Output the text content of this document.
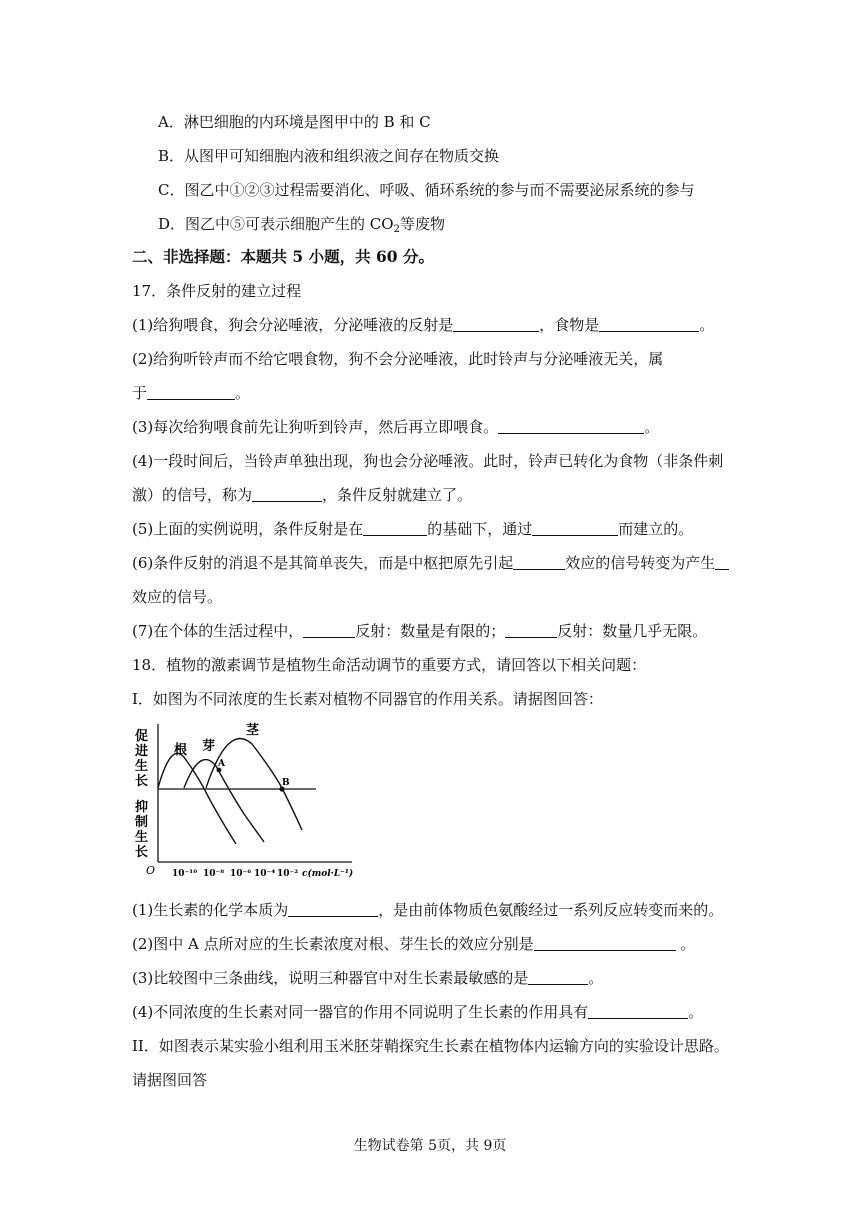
A．淋巴细胞的内环境是图甲中的 B 和 C
B．从图甲可知细胞内液和组织液之间存在物质交换
C．图乙中①②③过程需要消化、呼吸、循环系统的参与而不需要泌尿系统的参与
D．图乙中⑤可表示细胞产生的 $CO_2$等废物
二、非选择题：本题共 5 小题，共 60 分。
17．条件反射的建立过程
(1)给狗喂食，狗会分泌唾液，分泌唾液的反射是	，食物是	。
(2)给狗听铃声而不给它喂食物，狗不会分泌唾液，此时铃声与分泌唾液无关，属
于	。
(3)每次给狗喂食前先让狗听到铃声，然后再立即喂食。	。
(4)一段时间后，当铃声单独出现，狗也会分泌唾液。此时，铃声已转化为食物（非条件刺
激）的信号，称为	，条件反射就建立了。
(5)上面的实例说明，条件反射是在	的基础下，通过	而建立的。
(6)条件反射的消退不是其简单丧失，而是中枢把原先引起	效应的信号转变为产生
效应的信号。
(7)在个体的生活过程中，	反射：数量是有限的；	反射：数量几乎无限。
18．植物的激素调节是植物生命活动调节的重要方式，请回答以下相关问题：
I．如图为不同浓度的生长素对植物不同器官的作用关系。请据图回答：
促
进
生
长
抑
制
生
长
O 10⁻¹⁰ 10⁻⁸ 10⁻⁶ 10⁻⁴ 10⁻² c(mol·L⁻¹)
根 芽
茎
A
B
(1)生长素的化学本质为	，是由前体物质色氨酸经过一系列反应转变而来的。
(2)图中 A 点所对应的生长素浓度对根、芽生长的效应分别是	。
(3)比较图中三条曲线，说明三种器官中对生长素最敏感的是	。
(4)不同浓度的生长素对同一器官的作用不同说明了生长素的作用具有	。
II．如图表示某实验小组利用玉米胚芽鞘探究生长素在植物体内运输方向的实验设计思路。
请据图回答
生物试卷第 5页，共 9页
